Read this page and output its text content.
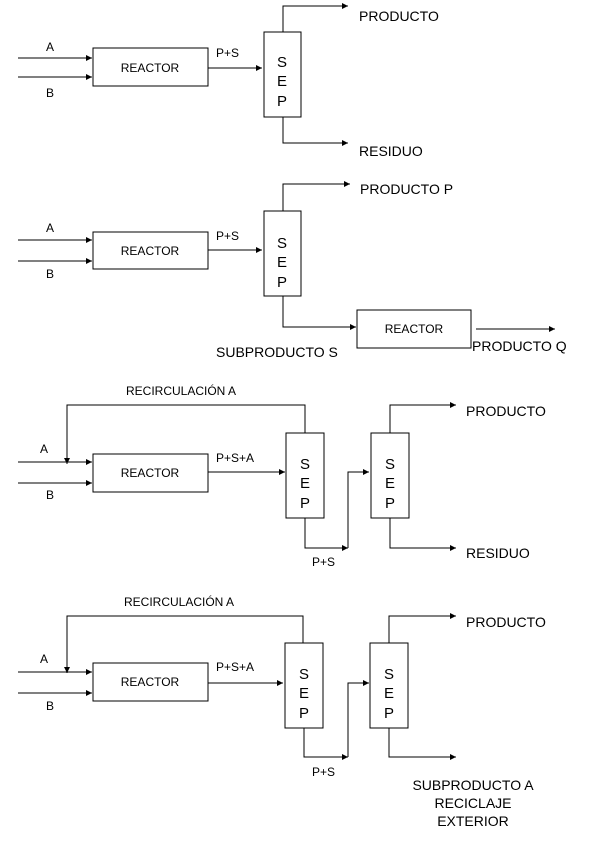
A
B
REACTOR
P+S
S
E
P
PRODUCTO
RESIDUO
A
B
REACTOR
P+S	S
E
P
PRODUCTO P
SUBPRODUCTO S
REACTOR
PRODUCTO Q
RECIRCULACIÓN A
A
B
REACTOR
P+S+A	S
E
P
P+S
S
E
P
PRODUCTO
RESIDUO
RECIRCULACIÓN A
A
B
REACTOR
P+S+A	S
E
P
P+S
S
E
P
PRODUCTO
SUBPRODUCTO A
RECICLAJE
EXTERIOR
